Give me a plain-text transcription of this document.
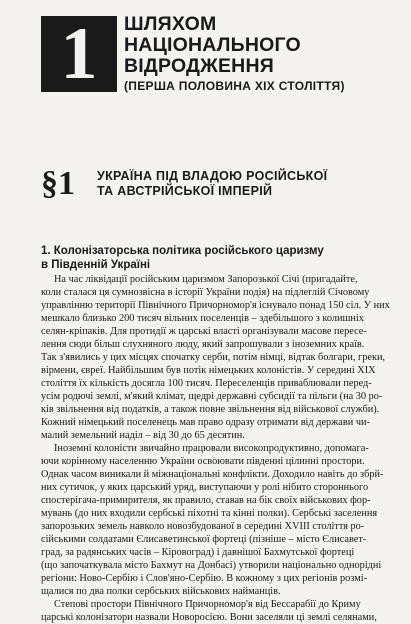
1 ШЛЯХОМ
НАЦІОНАЛЬНОГО
ВІДРОДЖЕННЯ
(ПЕРША ПОЛОВИНА XIX СТОЛІТТЯ)
§1 УКРАЇНА ПІД ВЛАДОЮ РОСІЙСЬКОЇ
ТА АВСТРІЙСЬКОЇ ІМПЕРІЙ
1. Колонізаторська політика російського царизму
в Південній Україні
На час ліквідації російським царизмом Запорозької Січі (пригадайте,
коли сталася ця сумнозвісна в історії України подія) на підлеглій Січовому
управлінню території Північного Причорномор'я існувало понад 150 сіл. У них
мешкало близько 200 тисяч вільних поселенців – здебільшого з колишніх
селян-кріпаків. Для протидії ж царські власті організували масове пересе-
лення сюди більш слухняного люду, який запрошували з іноземних країв.
Так з'явились у цих місцях спочатку серби, потім німці, відтак болгари, греки,
вірмени, євреї. Найбільшим був потік німецьких колоністів. У середині XIX
століття їх кількість досягла 100 тисяч. Переселенців приваблювали перед-
усім родючі землі, м'який клімат, щедрі державні субсидії та пільги (на 30 ро-
ків звільнення від податків, а також повне звільнення від військової служби).
Кожний німецький поселенець мав право одразу отримати від держави чи-
малий земельний наділ – від 30 до 65 десятин.
Іноземні колоністи звичайно працювали високопродуктивно, допомага-
ючи корінному населенню України освоювати південні цілинні простори.
Однак часом виникали й міжнаціональні конфлікти. Доходило навіть до збрй-
них сутичок, у яких царський уряд, виступаючи у ролі нібито стороннього
спостерігача-примирителя, як правило, ставав на бік своїх військових фор-
мувань (до них входили сербські піхотні та кінні полки). Сербські заселення
запорозьких земель навколо новозбудованої в середині XVIII століття ро-
сійськими солдатами Єлисаветинської фортеці (пізніше – місто Єлисавет-
град, за радянських часів – Кіровоград) і давнішої Бахмутської фортеці
(що започаткувала місто Бахмут на Донбасі) утворили національно однорідні
регіони: Ново-Сербію і Слов'яно-Сербію. В кожному з цих регіонів розмі-
щалися по два полки сербських військових найманців.
Степові простори Північного Причорномор'я від Бессарабії до Криму
царські колонізатори назвали Новоросією. Вони заселяли ці землі селянами,
